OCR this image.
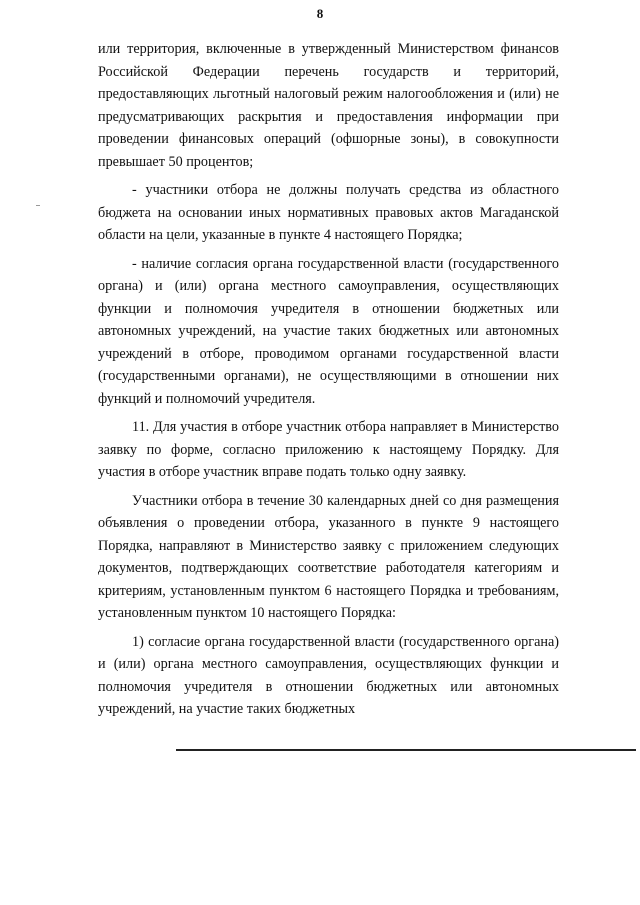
8

или территория, включенные в утвержденный Министерством финансов Российской Федерации перечень государств и территорий, предоставляющих льготный налоговый режим налогообложения и (или) не предусматривающих раскрытия и предоставления информации при проведении финансовых операций (офшорные зоны), в совокупности превышает 50 процентов;

- участники отбора не должны получать средства из областного бюджета на основании иных нормативных правовых актов Магаданской области на цели, указанные в пункте 4 настоящего Порядка;

- наличие согласия органа государственной власти (государственного органа) и (или) органа местного самоуправления, осуществляющих функции и полномочия учредителя в отношении бюджетных или автономных учреждений, на участие таких бюджетных или автономных учреждений в отборе, проводимом органами государственной власти (государственными органами), не осуществляющими в отношении них функций и полномочий учредителя.

11. Для участия в отборе участник отбора направляет в Министерство заявку по форме, согласно приложению к настоящему Порядку. Для участия в отборе участник вправе подать только одну заявку.

Участники отбора в течение 30 календарных дней со дня размещения объявления о проведении отбора, указанного в пункте 9 настоящего Порядка, направляют в Министерство заявку с приложением следующих документов, подтверждающих соответствие работодателя категориям и критериям, установленным пунктом 6 настоящего Порядка и требованиям, установленным пунктом 10 настоящего Порядка:

1) согласие органа государственной власти (государственного органа) и (или) органа местного самоуправления, осуществляющих функции и полномочия учредителя в отношении бюджетных или автономных учреждений, на участие таких бюджетных
